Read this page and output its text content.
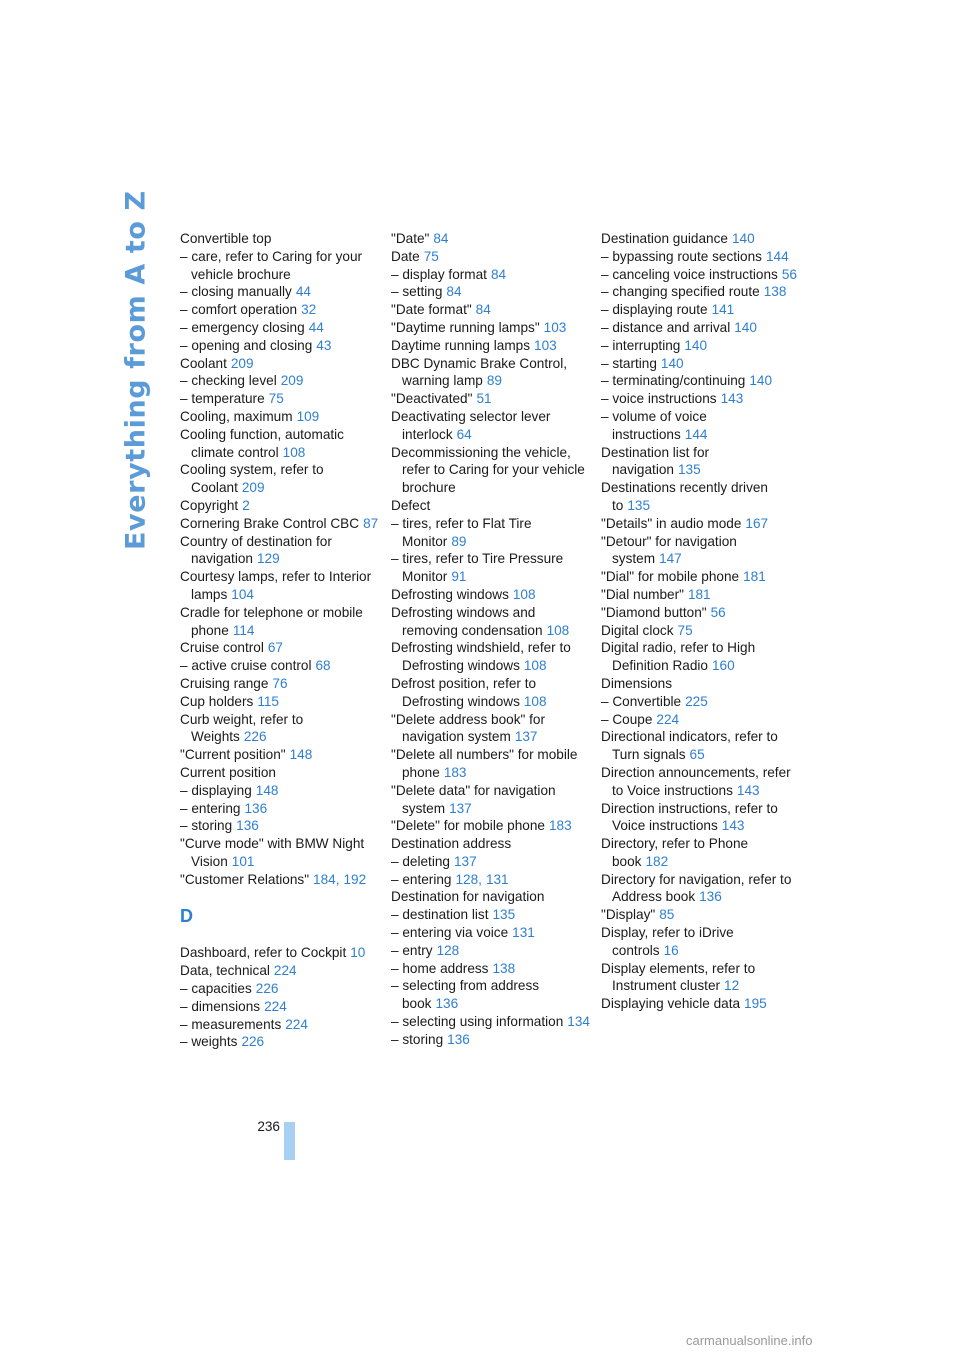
Everything from A to Z	Convertible top
– care, refer to Caring for your vehicle brochure
– closing manually 44
– comfort operation 32
– emergency closing 44
– opening and closing 43
Coolant 209
– checking level 209
– temperature 75
Cooling, maximum 109
Cooling function, automatic climate control 108
Cooling system, refer to Coolant 209
Copyright 2
Cornering Brake Control CBC 87
Country of destination for navigation 129
Courtesy lamps, refer to Interior lamps 104
Cradle for telephone or mobile phone 114
Cruise control 67
– active cruise control 68
Cruising range 76
Cup holders 115
Curb weight, refer to Weights 226
"Current position" 148
Current position
– displaying 148
– entering 136
– storing 136
"Curve mode" with BMW Night Vision 101
"Customer Relations" 184, 192
D
Dashboard, refer to Cockpit 10
Data, technical 224
– capacities 226
– dimensions 224
– measurements 224
– weights 226
"Date" 84
Date 75
– display format 84
– setting 84
"Date format" 84
"Daytime running lamps" 103
Daytime running lamps 103
DBC Dynamic Brake Control, warning lamp 89
"Deactivated" 51
Deactivating selector lever interlock 64
Decommissioning the vehicle, refer to Caring for your vehicle brochure
Defect
– tires, refer to Flat Tire Monitor 89
– tires, refer to Tire Pressure Monitor 91
Defrosting windows 108
Defrosting windows and removing condensation 108
Defrosting windshield, refer to Defrosting windows 108
Defrost position, refer to Defrosting windows 108
"Delete address book" for navigation system 137
"Delete all numbers" for mobile phone 183
"Delete data" for navigation system 137
"Delete" for mobile phone 183
Destination address
– deleting 137
– entering 128, 131
Destination for navigation
– destination list 135
– entering via voice 131
– entry 128
– home address 138
– selecting from address book 136
– selecting using information 134
– storing 136
Destination guidance 140
– bypassing route sections 144
– canceling voice instructions 56
– changing specified route 138
– displaying route 141
– distance and arrival 140
– interrupting 140
– starting 140
– terminating/continuing 140
– voice instructions 143
– volume of voice instructions 144
Destination list for navigation 135
Destinations recently driven to 135
"Details" in audio mode 167
"Detour" for navigation system 147
"Dial" for mobile phone 181
"Dial number" 181
"Diamond button" 56
Digital clock 75
Digital radio, refer to High Definition Radio 160
Dimensions
– Convertible 225
– Coupe 224
Directional indicators, refer to Turn signals 65
Direction announcements, refer to Voice instructions 143
Direction instructions, refer to Voice instructions 143
Directory, refer to Phone book 182
Directory for navigation, refer to Address book 136
"Display" 85
Display, refer to iDrive controls 16
Display elements, refer to Instrument cluster 12
Displaying vehicle data 195
236
carmanualsonline.info
